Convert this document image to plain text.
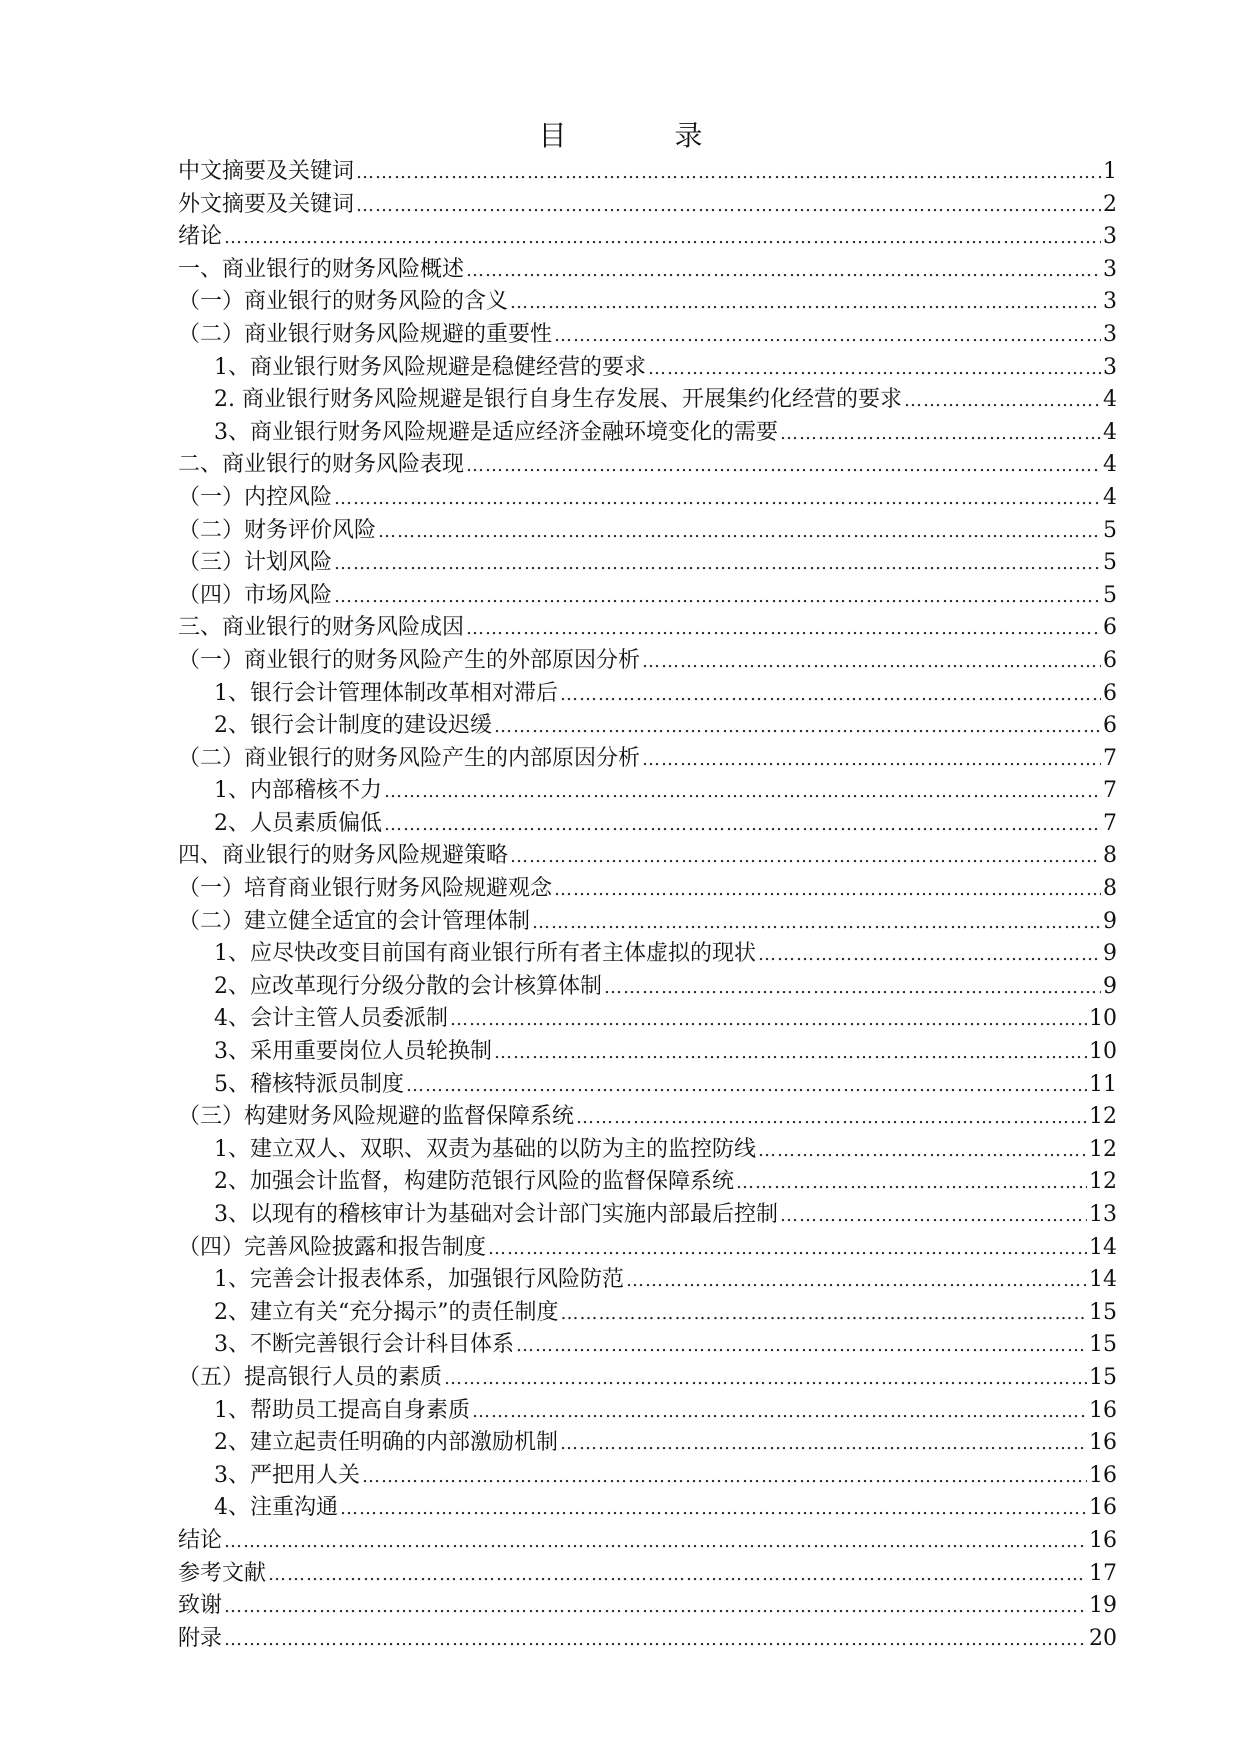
目　录
中文摘要及关键词 …………………………………………………………………………………………………………………………………………………………………………………………………………	1
外文摘要及关键词 …………………………………………………………………………………………………………………………………………………………………………………………………………	2
绪论 …………………………………………………………………………………………………………………………………………………………………………………………………………	3
一、商业银行的财务风险概述 …………………………………………………………………………………………………………………………………………………………………………………………………………	3
（一）商业银行的财务风险的含义 …………………………………………………………………………………………………………………………………………………………………………………………………………	3
（二）商业银行财务风险规避的重要性 …………………………………………………………………………………………………………………………………………………………………………………………………………	3
1、商业银行财务风险规避是稳健经营的要求 …………………………………………………………………………………………………………………………………………………………………………………………………………	3
2. 商业银行财务风险规避是银行自身生存发展、开展集约化经营的要求 …………………………………………………………………………………………………………………………………………………………………………………………………………	4
3、商业银行财务风险规避是适应经济金融环境变化的需要 …………………………………………………………………………………………………………………………………………………………………………………………………………	4
二、商业银行的财务风险表现 …………………………………………………………………………………………………………………………………………………………………………………………………………	4
（一）内控风险 …………………………………………………………………………………………………………………………………………………………………………………………………………	4
（二）财务评价风险 …………………………………………………………………………………………………………………………………………………………………………………………………………	5
（三）计划风险 …………………………………………………………………………………………………………………………………………………………………………………………………………	5
（四）市场风险 …………………………………………………………………………………………………………………………………………………………………………………………………………	5
三、商业银行的财务风险成因 …………………………………………………………………………………………………………………………………………………………………………………………………………	6
（一）商业银行的财务风险产生的外部原因分析 …………………………………………………………………………………………………………………………………………………………………………………………………………	6
1、银行会计管理体制改革相对滞后 …………………………………………………………………………………………………………………………………………………………………………………………………………	6
2、银行会计制度的建设迟缓 …………………………………………………………………………………………………………………………………………………………………………………………………………	6
（二）商业银行的财务风险产生的内部原因分析 …………………………………………………………………………………………………………………………………………………………………………………………………………	7
1、内部稽核不力 …………………………………………………………………………………………………………………………………………………………………………………………………………	7
2、人员素质偏低 …………………………………………………………………………………………………………………………………………………………………………………………………………	7
四、商业银行的财务风险规避策略 …………………………………………………………………………………………………………………………………………………………………………………………………………	8
（一）培育商业银行财务风险规避观念 …………………………………………………………………………………………………………………………………………………………………………………………………………	8
（二）建立健全适宜的会计管理体制 …………………………………………………………………………………………………………………………………………………………………………………………………………	9
1、应尽快改变目前国有商业银行所有者主体虚拟的现状 …………………………………………………………………………………………………………………………………………………………………………………………………………	9
2、应改革现行分级分散的会计核算体制 …………………………………………………………………………………………………………………………………………………………………………………………………………	9
4、会计主管人员委派制 …………………………………………………………………………………………………………………………………………………………………………………………………………	10
3、采用重要岗位人员轮换制 …………………………………………………………………………………………………………………………………………………………………………………………………………	10
5、稽核特派员制度 …………………………………………………………………………………………………………………………………………………………………………………………………………	11
（三）构建财务风险规避的监督保障系统 …………………………………………………………………………………………………………………………………………………………………………………………………………	12
1、建立双人、双职、双责为基础的以防为主的监控防线 …………………………………………………………………………………………………………………………………………………………………………………………………………	12
2、加强会计监督，构建防范银行风险的监督保障系统 …………………………………………………………………………………………………………………………………………………………………………………………………………	12
3、以现有的稽核审计为基础对会计部门实施内部最后控制 …………………………………………………………………………………………………………………………………………………………………………………………………………	13
（四）完善风险披露和报告制度 …………………………………………………………………………………………………………………………………………………………………………………………………………	14
1、完善会计报表体系，加强银行风险防范 …………………………………………………………………………………………………………………………………………………………………………………………………………	14
2、建立有关“充分揭示”的责任制度 …………………………………………………………………………………………………………………………………………………………………………………………………………	15
3、不断完善银行会计科目体系 …………………………………………………………………………………………………………………………………………………………………………………………………………	15
（五）提高银行人员的素质 …………………………………………………………………………………………………………………………………………………………………………………………………………	15
1、帮助员工提高自身素质 …………………………………………………………………………………………………………………………………………………………………………………………………………	16
2、建立起责任明确的内部激励机制 …………………………………………………………………………………………………………………………………………………………………………………………………………	16
3、严把用人关 …………………………………………………………………………………………………………………………………………………………………………………………………………	16
4、注重沟通 …………………………………………………………………………………………………………………………………………………………………………………………………………	16
结论 …………………………………………………………………………………………………………………………………………………………………………………………………………	16
参考文献 …………………………………………………………………………………………………………………………………………………………………………………………………………	17
致谢 …………………………………………………………………………………………………………………………………………………………………………………………………………	19
附录 …………………………………………………………………………………………………………………………………………………………………………………………………………	20
